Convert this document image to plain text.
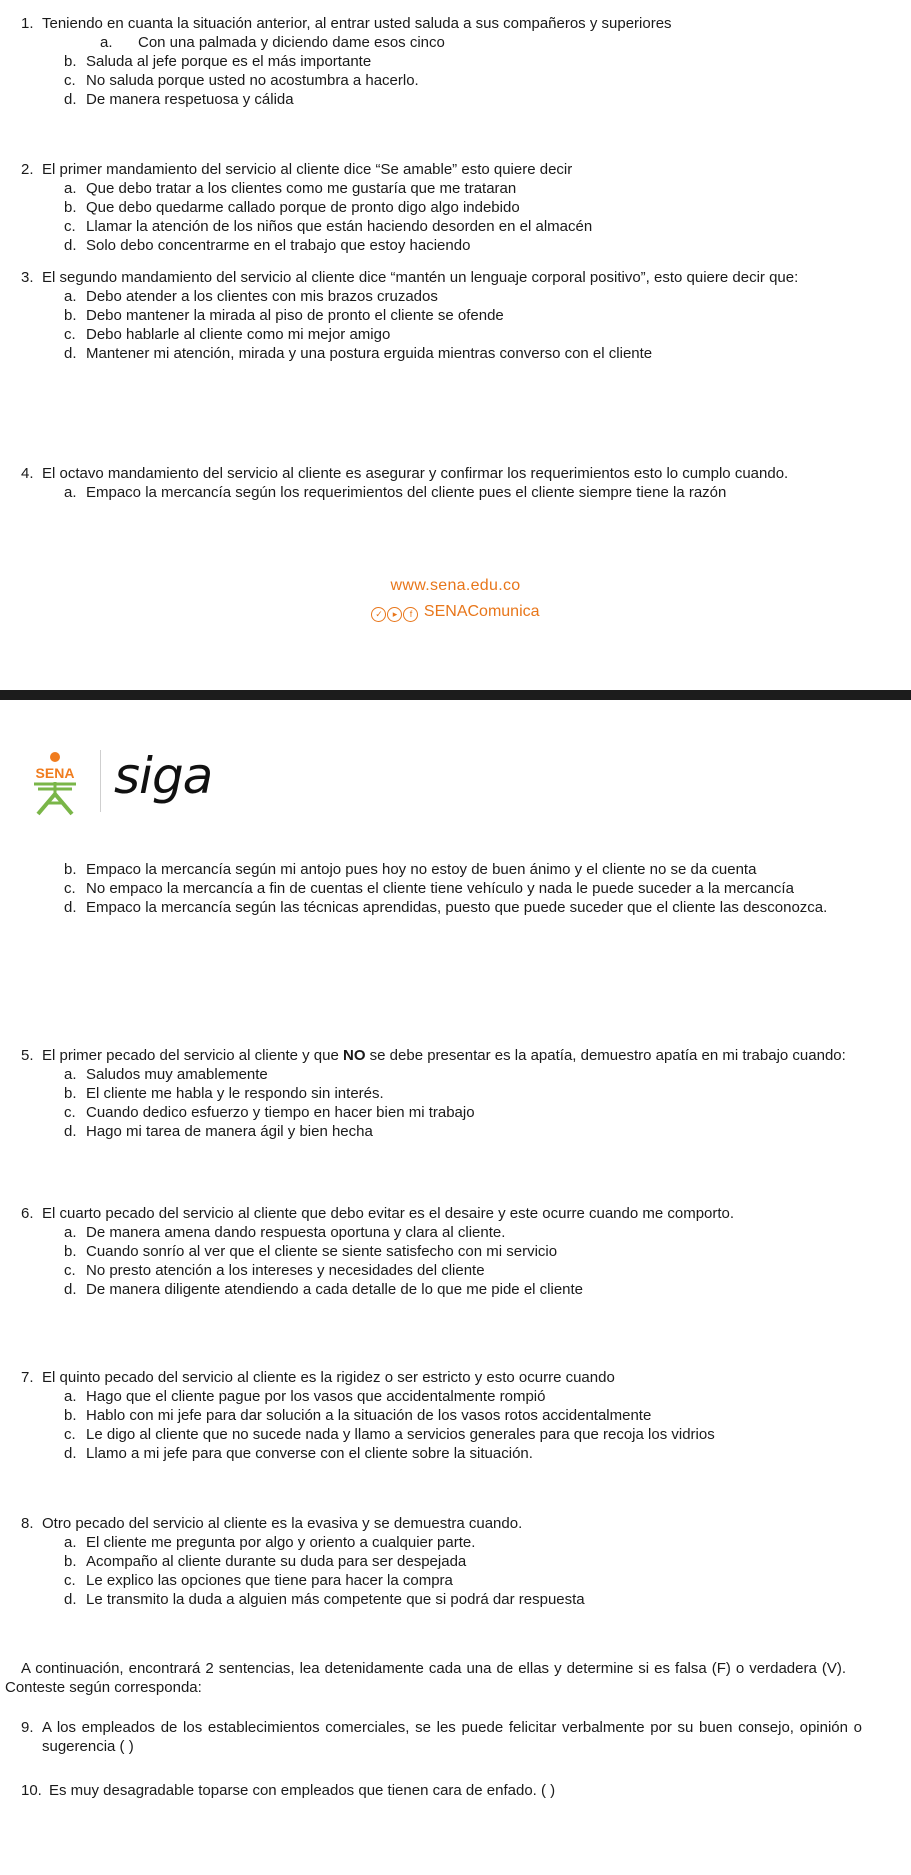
1. Teniendo en cuanta la situación anterior, al entrar usted saluda a sus compañeros y superiores
a. Con una palmada y diciendo dame esos cinco
b. Saluda al jefe porque es el más importante
c. No saluda porque usted no acostumbra a hacerlo.
d. De manera respetuosa y cálida
2. El primer mandamiento del servicio al cliente dice “Se amable” esto quiere decir
a. Que debo tratar a los clientes como me gustaría que me trataran
b. Que debo quedarme callado porque de pronto digo algo indebido
c. Llamar la atención de los niños que están haciendo desorden en el almacén
d. Solo debo concentrarme en el trabajo que estoy haciendo
3. El segundo mandamiento del servicio al cliente dice “mantén un lenguaje corporal positivo”, esto quiere decir que:
a. Debo atender a los clientes con mis brazos cruzados
b. Debo mantener la mirada al piso de pronto el cliente se ofende
c. Debo hablarle al cliente como mi mejor amigo
d. Mantener mi atención, mirada y una postura erguida mientras converso con el cliente
4. El octavo mandamiento del servicio al cliente es asegurar y confirmar los requerimientos esto lo cumplo cuando.
a. Empaco la mercancía según los requerimientos del cliente pues el cliente siempre tiene la razón
www.sena.edu.co
✓ ▸ f SENAComunica
SENA siga
b. Empaco la mercancía según mi antojo pues hoy no estoy de buen ánimo y el cliente no se da cuenta
c. No empaco la mercancía a fin de cuentas el cliente tiene vehículo y nada le puede suceder a la mercancía
d. Empaco la mercancía según las técnicas aprendidas, puesto que puede suceder que el cliente las desconozca.
5. El primer pecado del servicio al cliente y que NO se debe presentar es la apatía, demuestro apatía en mi trabajo cuando:
a. Saludos muy amablemente
b. El cliente me habla y le respondo sin interés.
c. Cuando dedico esfuerzo y tiempo en hacer bien mi trabajo
d. Hago mi tarea de manera ágil y bien hecha
6. El cuarto pecado del servicio al cliente que debo evitar es el desaire y este ocurre cuando me comporto.
a. De manera amena dando respuesta oportuna y clara al cliente.
b. Cuando sonrío al ver que el cliente se siente satisfecho con mi servicio
c. No presto atención a los intereses y necesidades del cliente
d. De manera diligente atendiendo a cada detalle de lo que me pide el cliente
7. El quinto pecado del servicio al cliente es la rigidez o ser estricto y esto ocurre cuando
a. Hago que el cliente pague por los vasos que accidentalmente rompió
b. Hablo con mi jefe para dar solución a la situación de los vasos rotos accidentalmente
c. Le digo al cliente que no sucede nada y llamo a servicios generales para que recoja los vidrios
d. Llamo a mi jefe para que converse con el cliente sobre la situación.
8. Otro pecado del servicio al cliente es la evasiva y se demuestra cuando.
a. El cliente me pregunta por algo y oriento a cualquier parte.
b. Acompaño al cliente durante su duda para ser despejada
c. Le explico las opciones que tiene para hacer la compra
d. Le transmito la duda a alguien más competente que si podrá dar respuesta
A continuación, encontrará 2 sentencias, lea detenidamente cada una de ellas y determine si es falsa (F) o verdadera (V). Conteste según corresponda:
9. A los empleados de los establecimientos comerciales, se les puede felicitar verbalmente por su buen consejo, opinión o sugerencia ( )
10. Es muy desagradable toparse con empleados que tienen cara de enfado. ( )
